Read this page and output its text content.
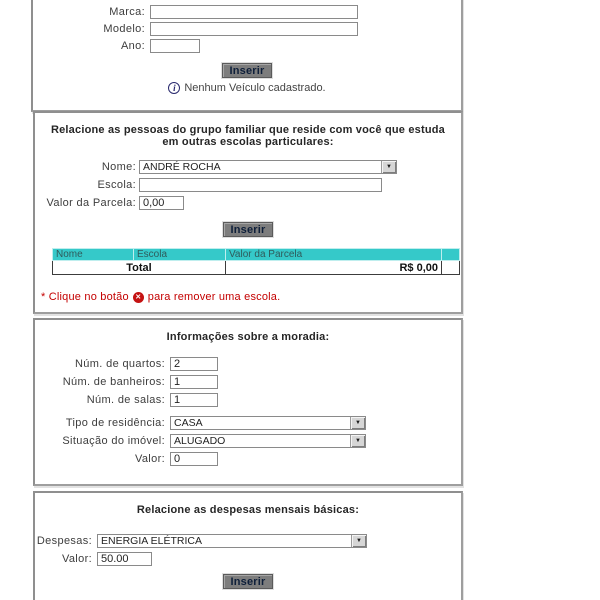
Marca:
Modelo:
Ano:
Inserir
i Nenhum Veículo cadastrado.
Relacione as pessoas do grupo familiar que reside com você que estuda em outras escolas particulares:
Nome: ANDRÉ ROCHA	▼
Escola:
Valor da Parcela:
0,00
Inserir
Nome	Escola	Valor da Parcela	
Total		R$ 0,00	
* Clique no botão ✕ para remover uma escola.
Informações sobre a moradia:
Núm. de quartos:
2
Núm. de banheiros:
1
Núm. de salas:
1
Tipo de residência: CASA	▼
Situação do imóvel: ALUGADO	▼
Valor:
0
Relacione as despesas mensais básicas:
Despesas: ENERGIA ELÉTRICA	▼
Valor:
50.00
Inserir
